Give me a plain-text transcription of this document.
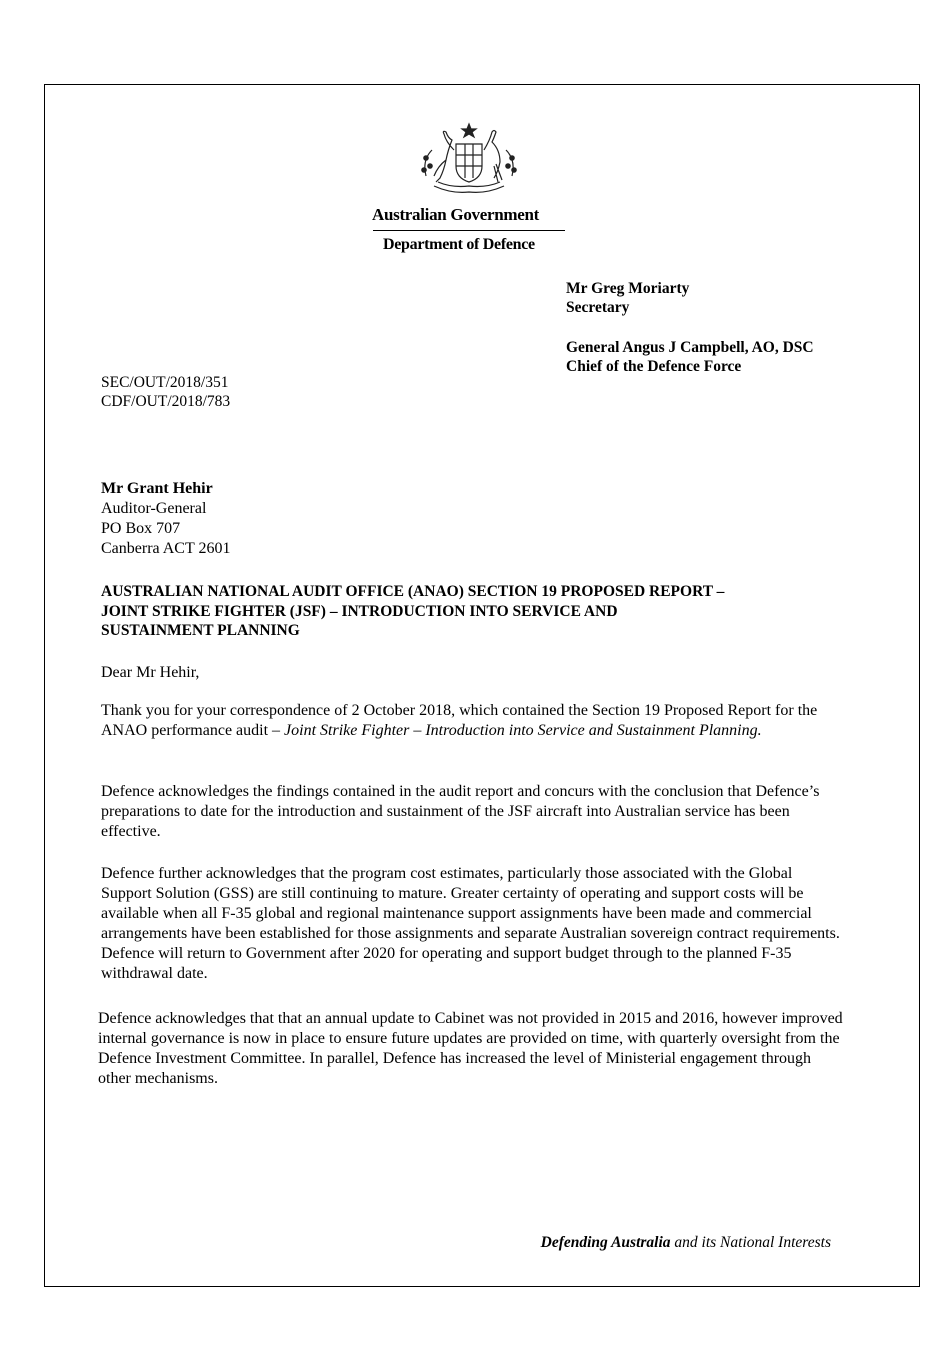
Australian Government
Department of Defence
Mr Greg Moriarty
Secretary
General Angus J Campbell, AO, DSC
Chief of the Defence Force
SEC/OUT/2018/351
CDF/OUT/2018/783
Mr Grant Hehir
Auditor-General
PO Box 707
Canberra ACT 2601
AUSTRALIAN NATIONAL AUDIT OFFICE (ANAO) SECTION 19 PROPOSED REPORT –
JOINT STRIKE FIGHTER (JSF) – INTRODUCTION INTO SERVICE AND
SUSTAINMENT PLANNING
Dear Mr Hehir,
Thank you for your correspondence of 2 October 2018, which contained the Section 19 Proposed Report for the ANAO performance audit – Joint Strike Fighter – Introduction into Service and Sustainment Planning.
Defence acknowledges the findings contained in the audit report and concurs with the conclusion that Defence’s preparations to date for the introduction and sustainment of the JSF aircraft into Australian service has been effective.
Defence further acknowledges that the program cost estimates, particularly those associated with the Global Support Solution (GSS) are still continuing to mature. Greater certainty of operating and support costs will be available when all F-35 global and regional maintenance support assignments have been made and commercial arrangements have been established for those assignments and separate Australian sovereign contract requirements. Defence will return to Government after 2020 for operating and support budget through to the planned F-35 withdrawal date.
Defence acknowledges that that an annual update to Cabinet was not provided in 2015 and 2016, however improved internal governance is now in place to ensure future updates are provided on time, with quarterly oversight from the Defence Investment Committee. In parallel, Defence has increased the level of Ministerial engagement through other mechanisms.
Defending Australia and its National Interests
